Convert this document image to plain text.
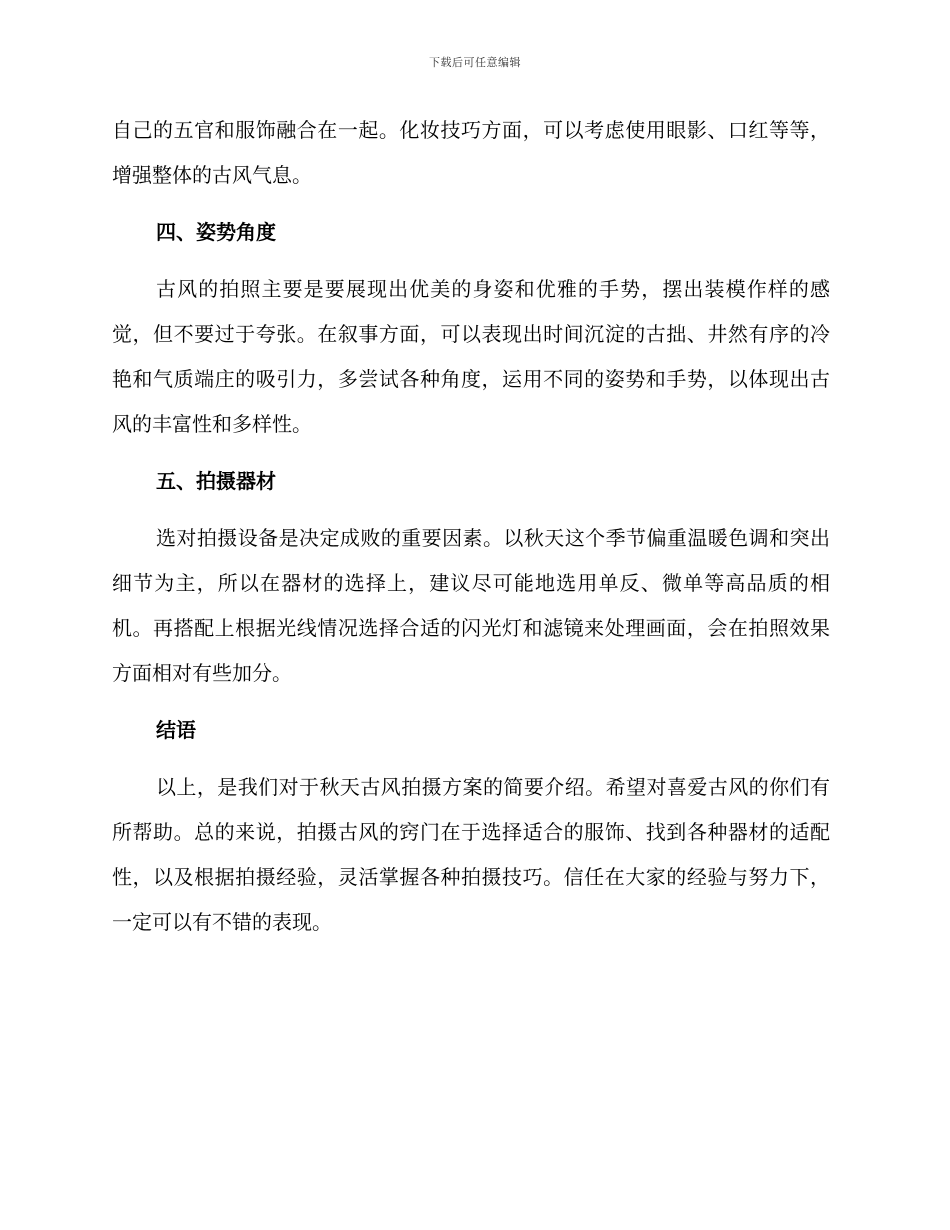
下载后可任意编辑

自己的五官和服饰融合在一起。化妆技巧方面，可以考虑使用眼影、口红等等，增强整体的古风气息。

四、姿势角度

古风的拍照主要是要展现出优美的身姿和优雅的手势，摆出装模作样的感觉，但不要过于夸张。在叙事方面，可以表现出时间沉淀的古拙、井然有序的冷艳和气质端庄的吸引力，多尝试各种角度，运用不同的姿势和手势，以体现出古风的丰富性和多样性。

五、拍摄器材

选对拍摄设备是决定成败的重要因素。以秋天这个季节偏重温暖色调和突出细节为主，所以在器材的选择上，建议尽可能地选用单反、微单等高品质的相机。再搭配上根据光线情况选择合适的闪光灯和滤镜来处理画面，会在拍照效果方面相对有些加分。

结语

以上，是我们对于秋天古风拍摄方案的简要介绍。希望对喜爱古风的你们有所帮助。总的来说，拍摄古风的窍门在于选择适合的服饰、找到各种器材的适配性，以及根据拍摄经验，灵活掌握各种拍摄技巧。信任在大家的经验与努力下，一定可以有不错的表现。
